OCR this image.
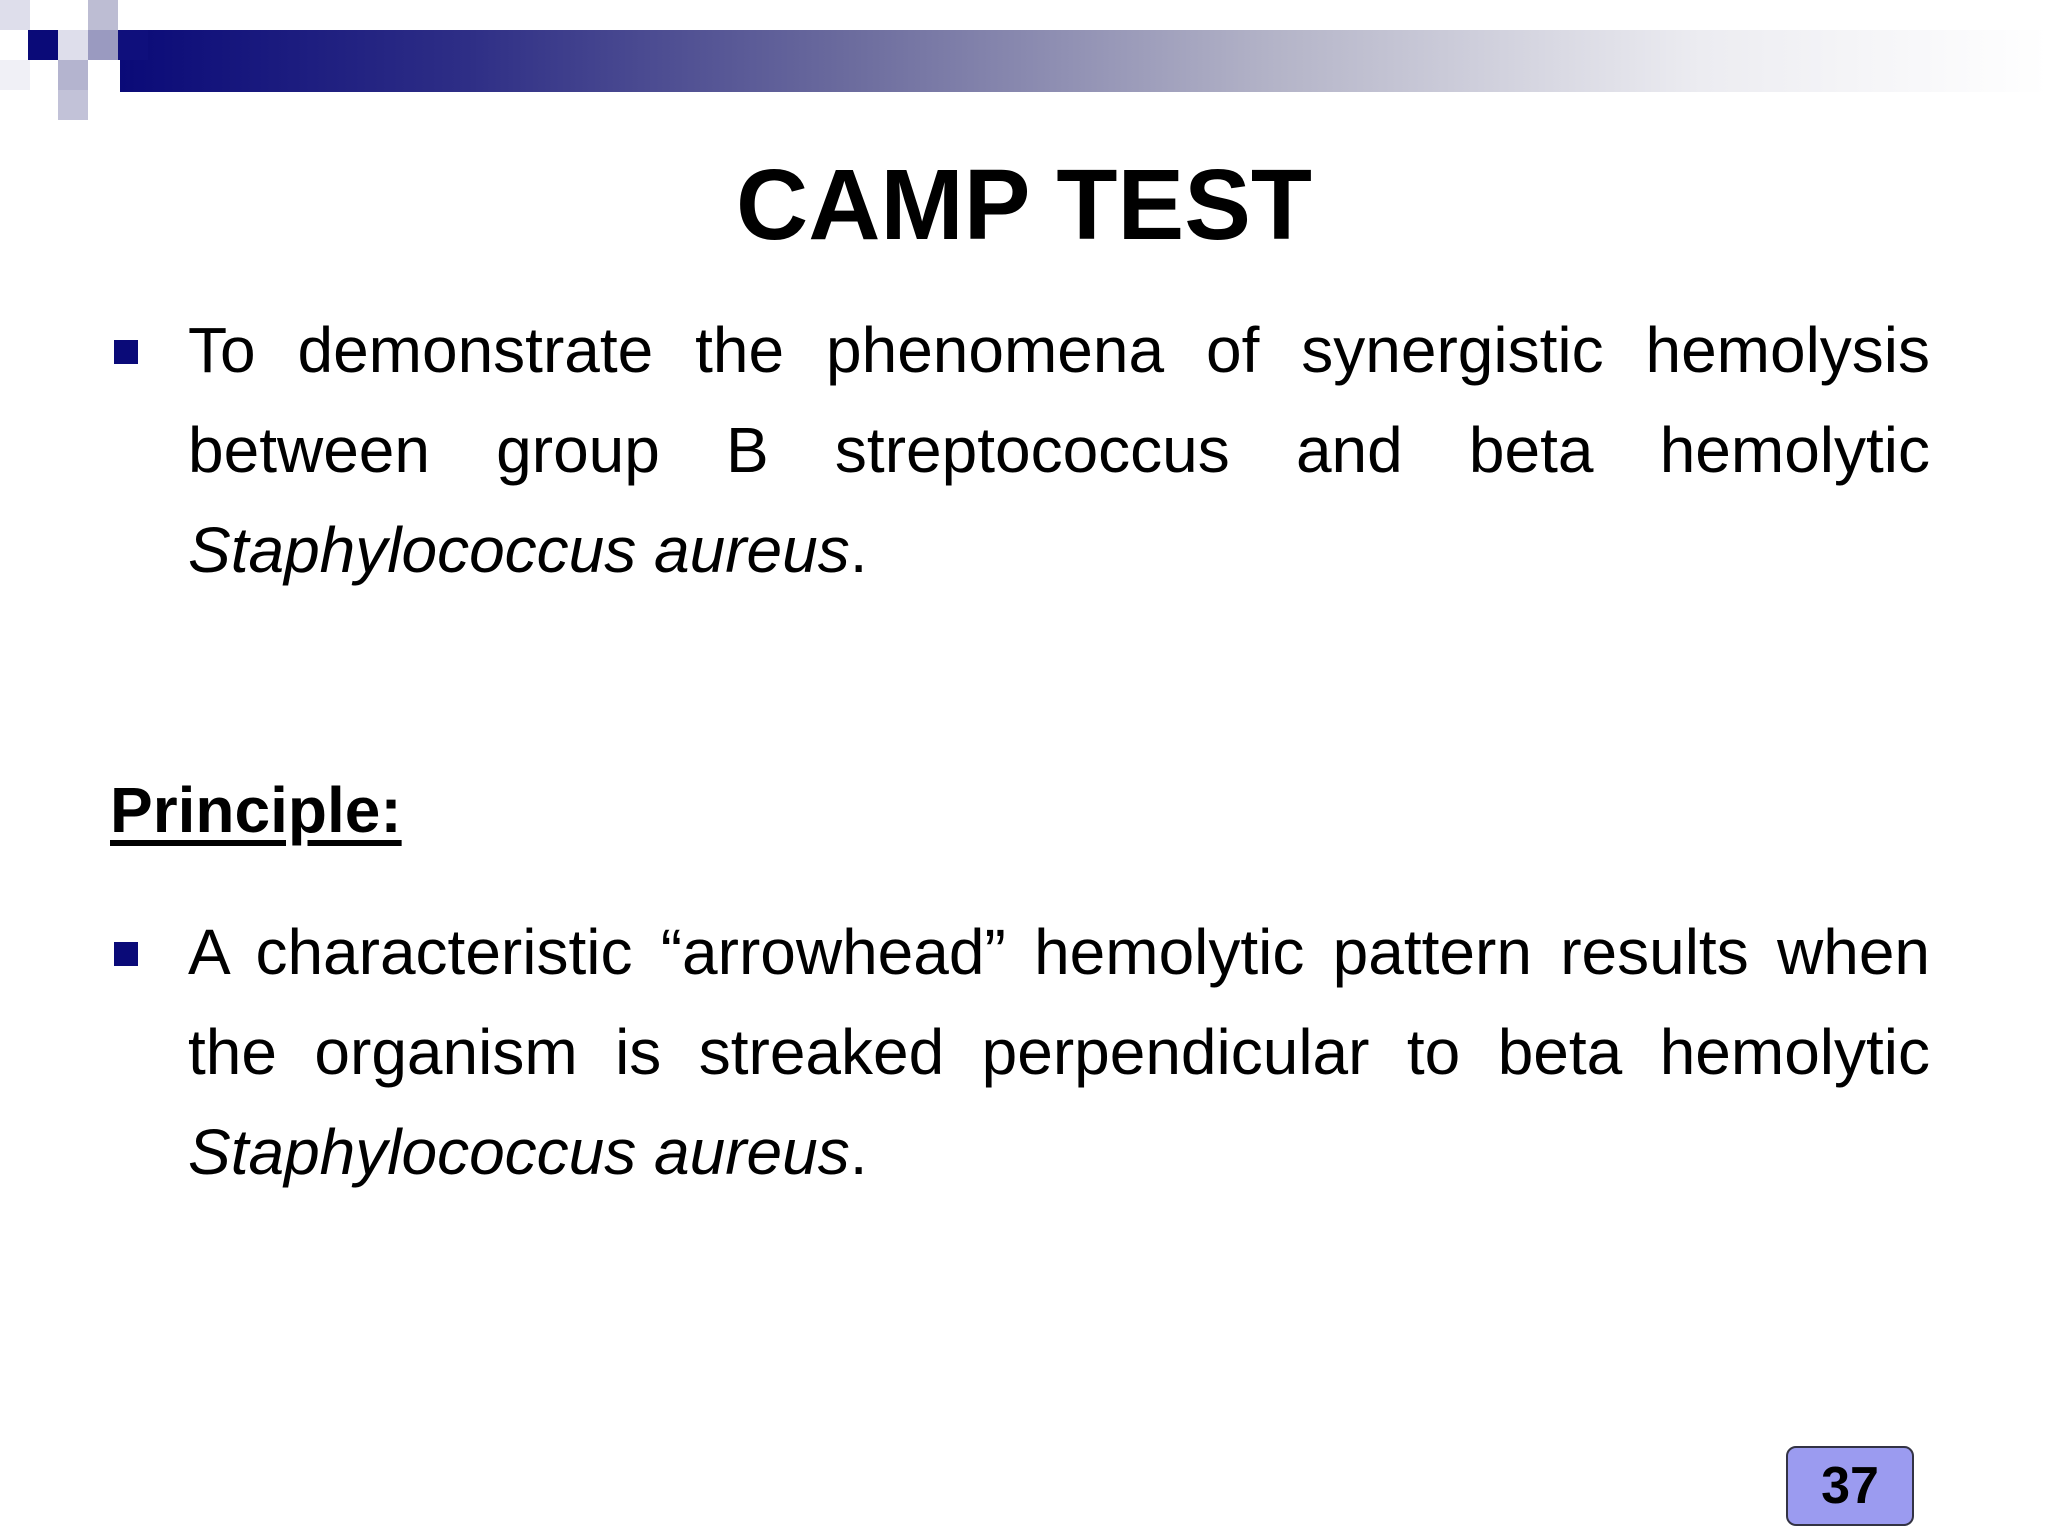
CAMP TEST
To demonstrate the phenomena of synergistic hemolysis between group B streptococcus and beta hemolytic Staphylococcus aureus.
Principle:
A characteristic “arrowhead” hemolytic pattern results when the organism is streaked perpendicular to beta hemolytic Staphylococcus aureus.
37
